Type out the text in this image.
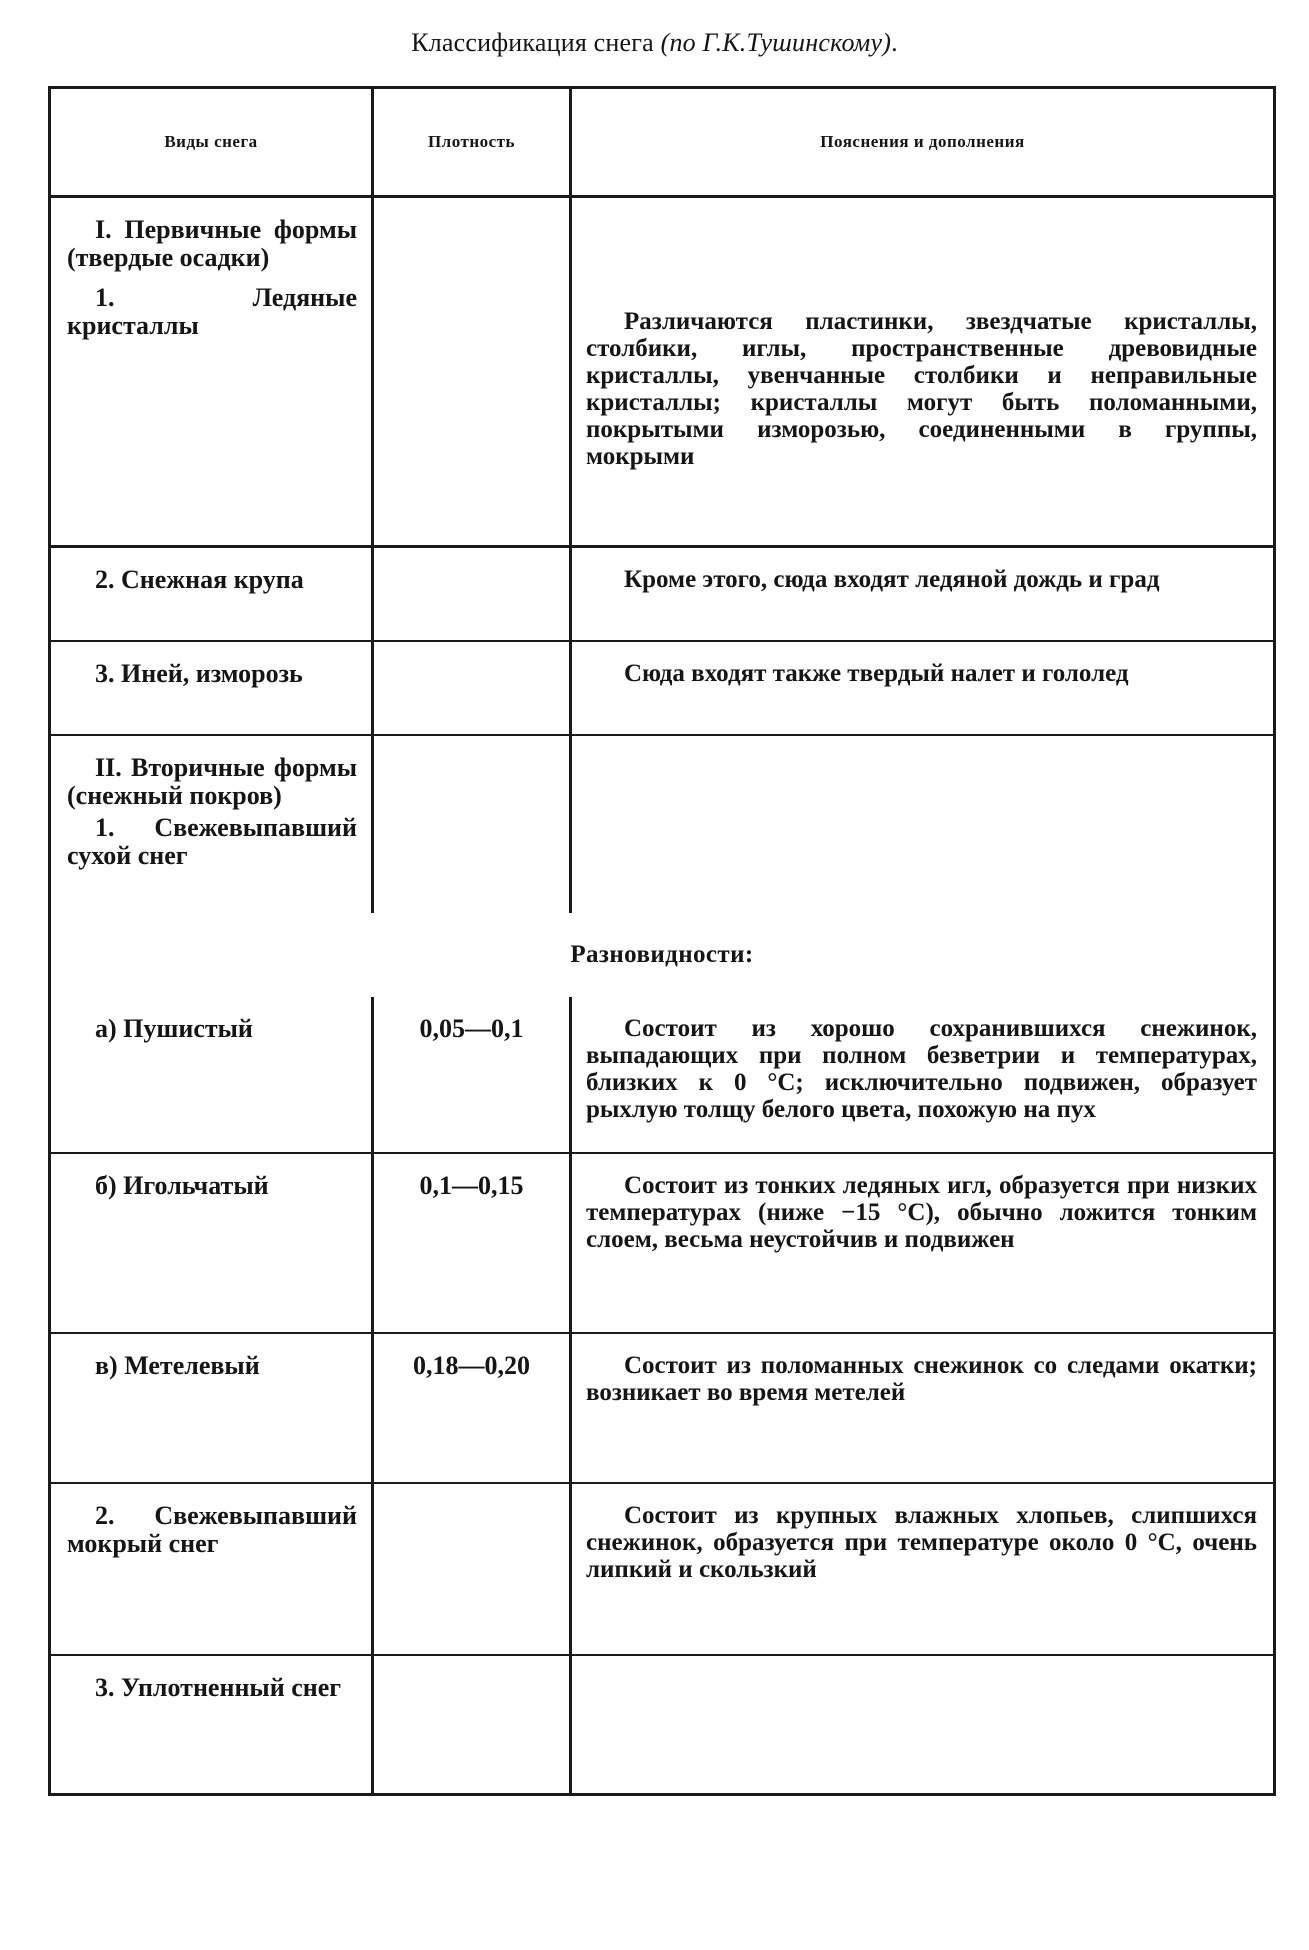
Классификация снега (по Г.К.Тушинскому).
Виды снега	Плотность	Пояснения и дополнения

I. Первичные формы (твердые осадки)
1. Ледяные кристаллы		Различаются пластинки, звездчатые кристаллы, столбики, иглы, пространственные древовидные кристаллы, увенчанные столбики и неправильные кристаллы; кристаллы могут быть поломанными, покрытыми изморозью, соединенными в группы, мокрыми

2. Снежная крупа		Кроме этого, сюда входят ледяной дождь и град

3. Иней, изморозь		Сюда входят также твердый налет и гололед

II. Вторичные формы (снежный покров)
1. Свежевыпавший сухой снег		

Разновидности:		

а) Пушистый	0,05—0,1	Состоит из хорошо сохранившихся снежинок, выпадающих при полном безветрии и температурах, близких к 0 °С; исключительно подвижен, образует рыхлую толщу белого цвета, похожую на пух

б) Игольчатый	0,1—0,15	Состоит из тонких ледяных игл, образуется при низких температурах (ниже −15 °С), обычно ложится тонким слоем, весьма неустойчив и подвижен

в) Метелевый	0,18—0,20	Состоит из поломанных снежинок со следами окатки; возникает во время метелей

2. Свежевыпавший мокрый снег		Состоит из крупных влажных хлопьев, слипшихся снежинок, образуется при температуре около 0 °С, очень липкий и скользкий

3. Уплотненный снег		
